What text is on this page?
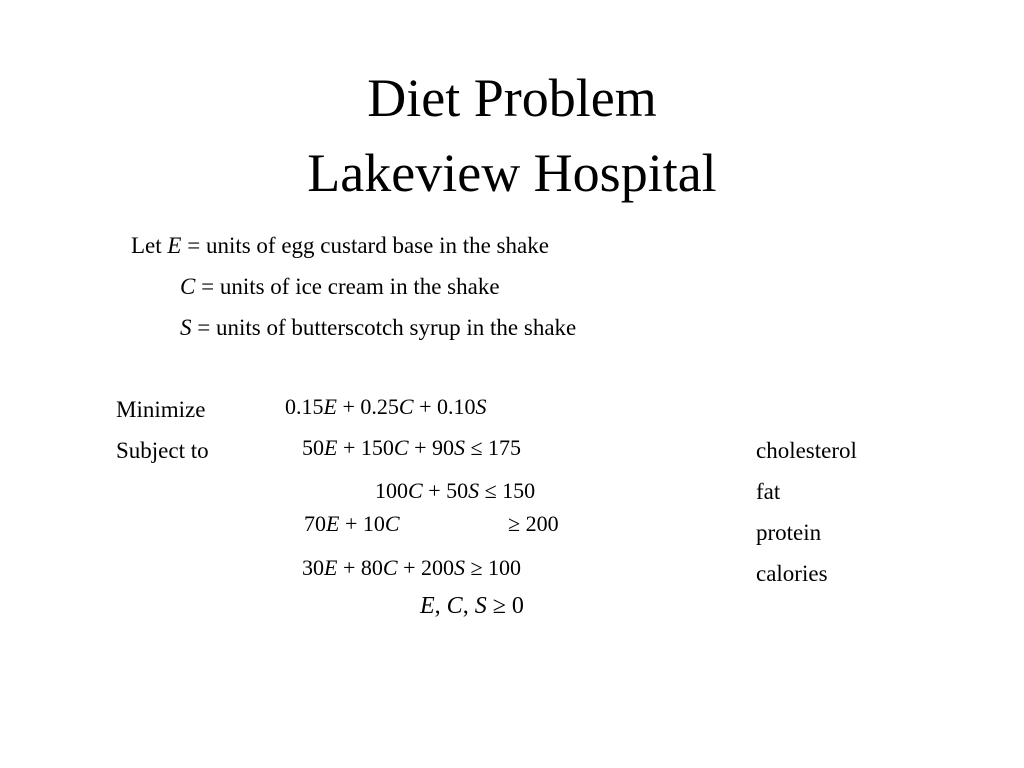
Diet Problem
Lakeview Hospital
Let E = units of egg custard base in the shake
C = units of ice cream in the shake
S = units of butterscotch syrup in the shake
Minimize
Subject to
0.15E + 0.25C + 0.10S
50E + 150C + 90S ≤ 175
100C + 50S ≤ 150
70E + 10C	≥ 200
30E + 80C + 200S ≥ 100
E, C, S ≥ 0
cholesterol
fat
protein
calories
